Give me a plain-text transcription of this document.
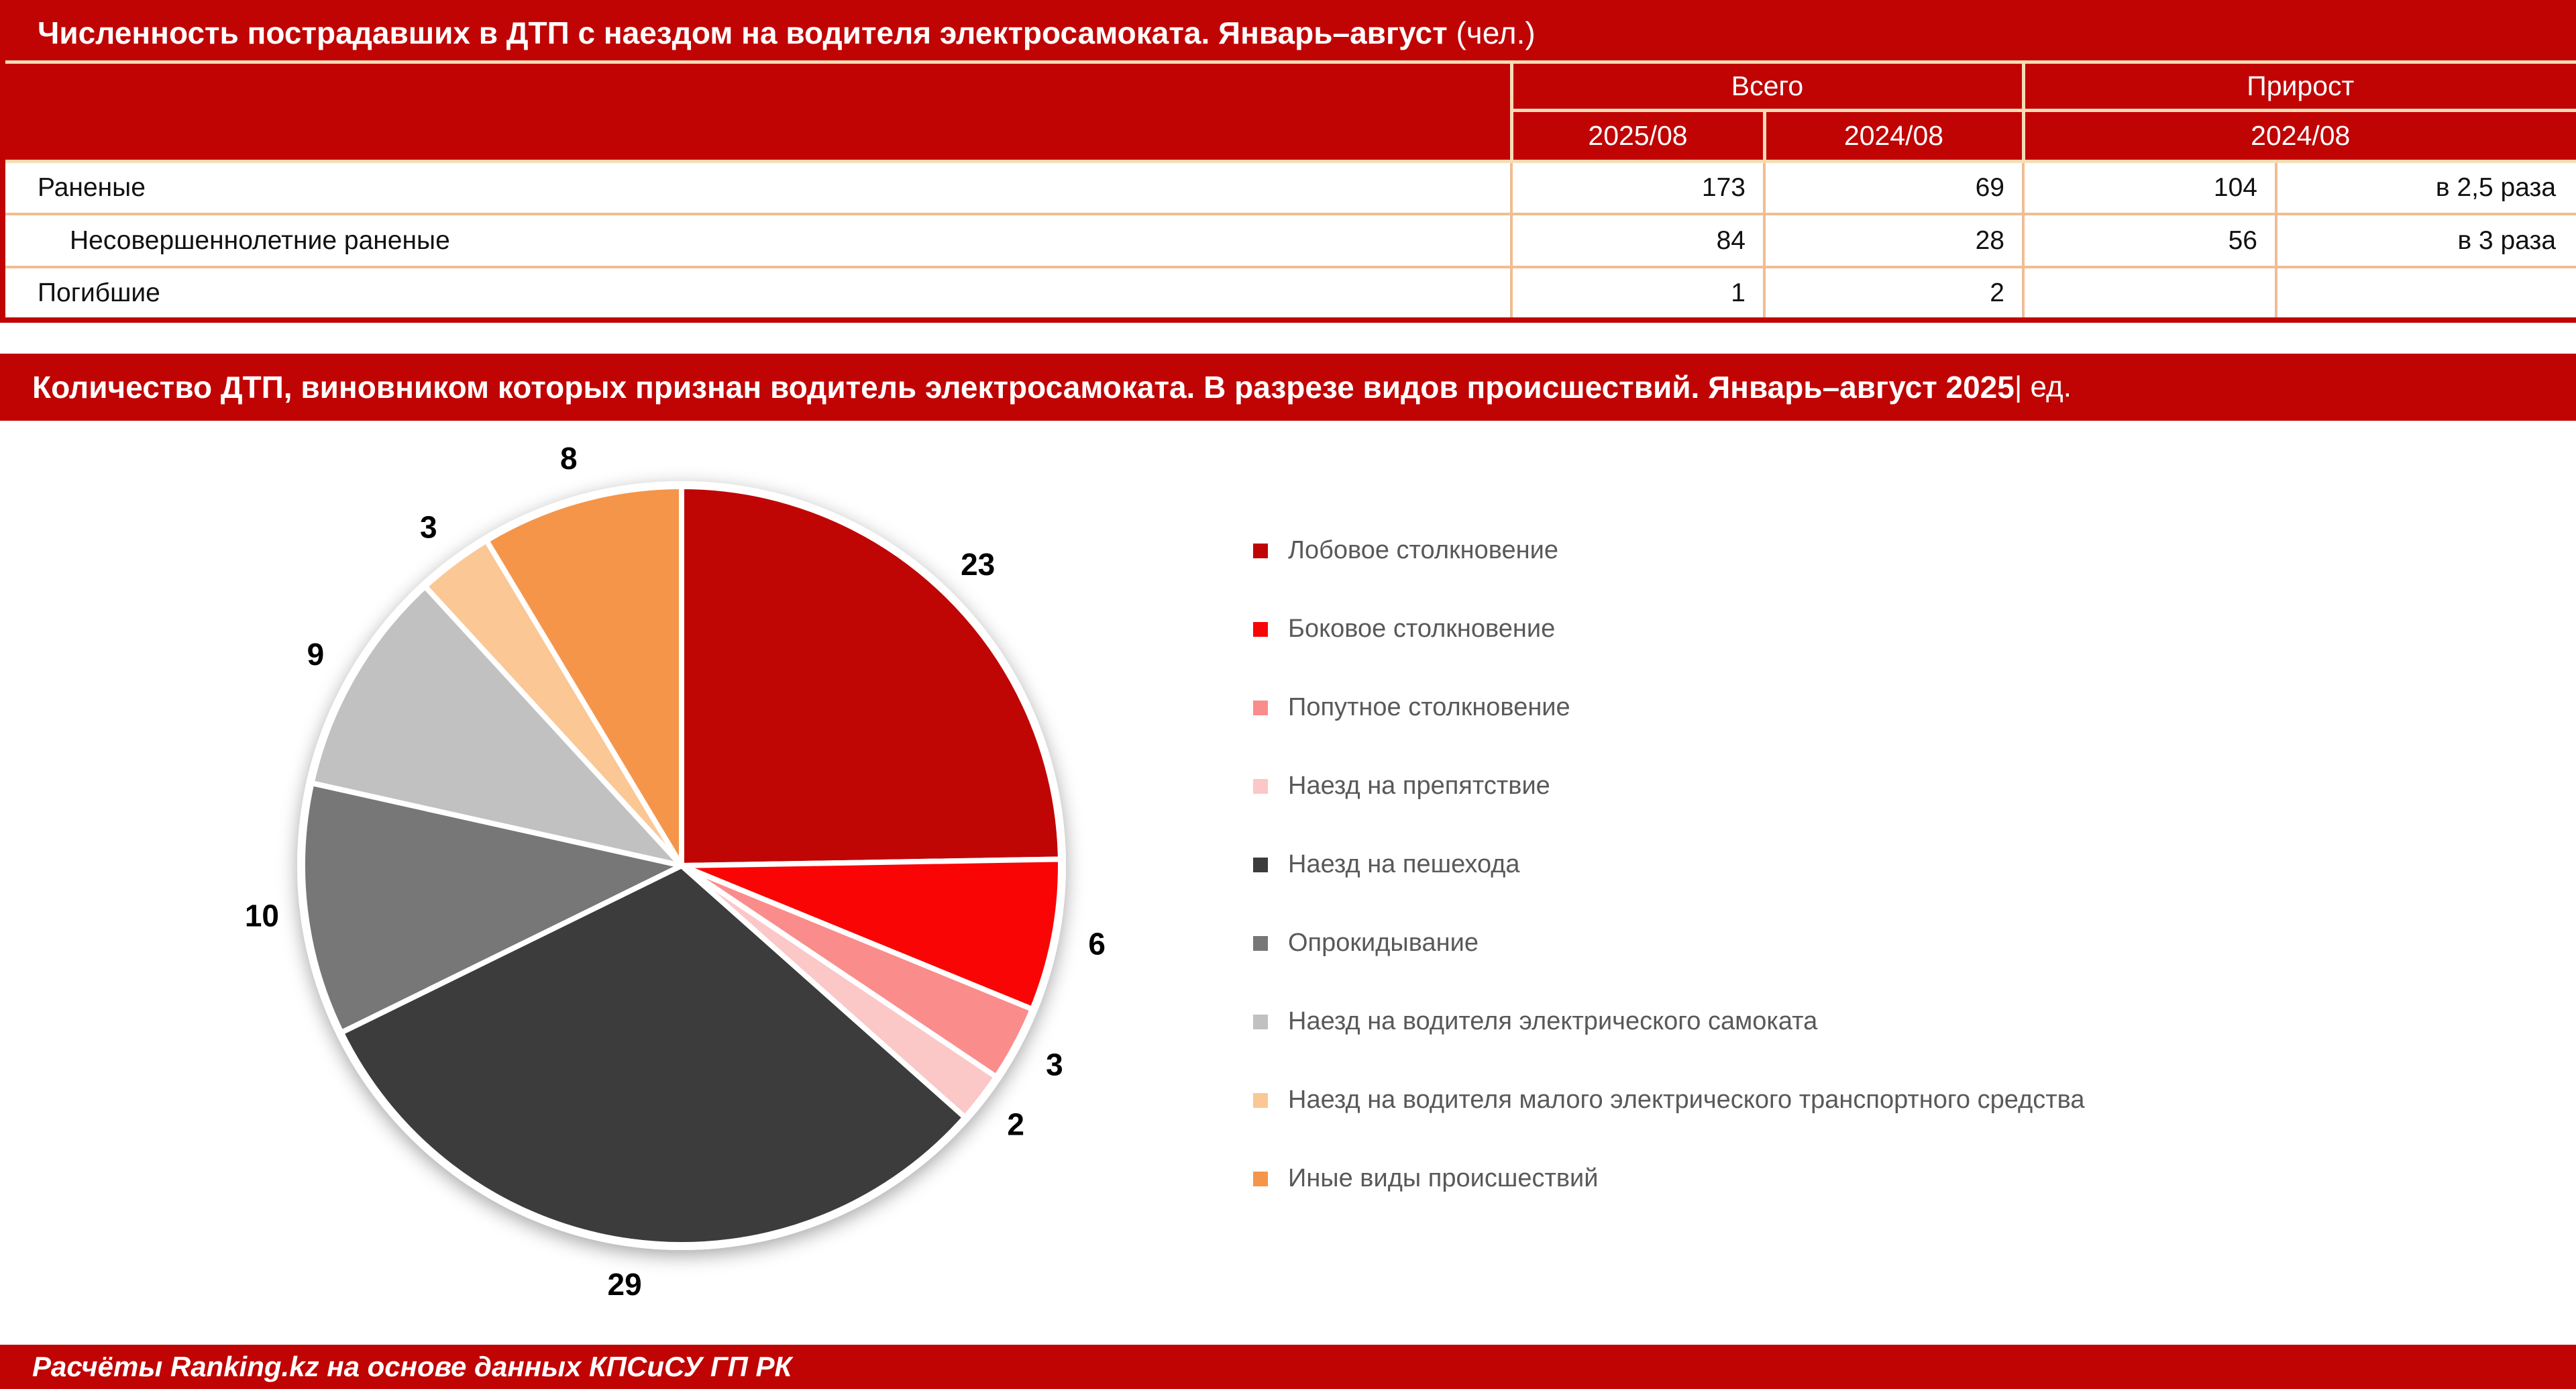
Численность пострадавших в ДТП с наездом на водителя электросамоката. Январь–август (чел.)				
	Всего		Прирост	
	2025/08	2024/08	2024/08	
Раненые	173	69	104	в 2,5 раза
Несовершеннолетние раненые	84	28	56	в 3 раза
Погибшие	1	2		
Количество ДТП, виновником которых признан водитель электросамоката. В разрезе видов происшествий. Январь–август 2025 | ед.
23
6
3
2
29
10
9
3
8
Лобовое столкновение
Боковое столкновение
Попутное столкновение
Наезд на препятствие
Наезд на пешехода
Опрокидывание
Наезд на водителя электрического самоката
Наезд на водителя малого электрического транспортного средства
Иные виды происшествий
Расчёты Ranking.kz на основе данных КПСиСУ ГП РК
